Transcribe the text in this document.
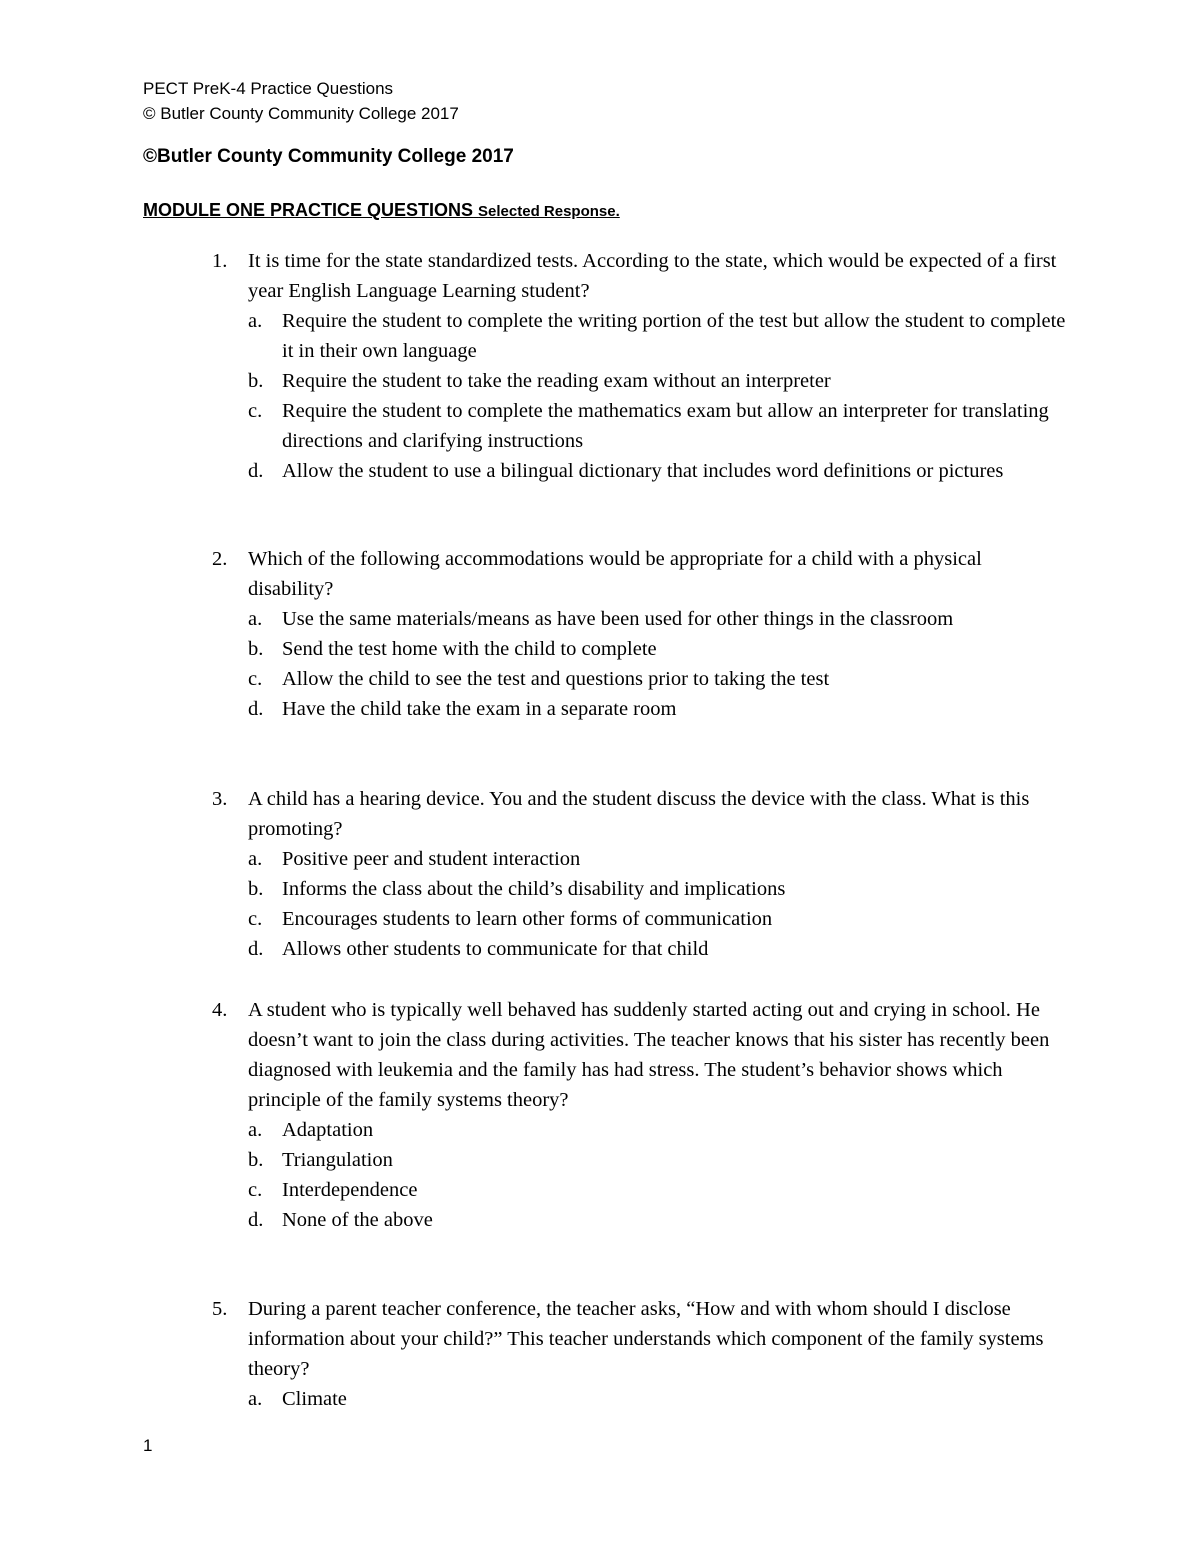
PECT PreK-4 Practice Questions
© Butler County Community College 2017
©Butler County Community College 2017
MODULE ONE PRACTICE QUESTIONS Selected Response.
1.	It is time for the state standardized tests. According to the state, which would be expected of a first year English Language Learning student?
a. Require the student to complete the writing portion of the test but allow the student to complete it in their own language
b. Require the student to take the reading exam without an interpreter
c. Require the student to complete the mathematics exam but allow an interpreter for translating directions and clarifying instructions
d. Allow the student to use a bilingual dictionary that includes word definitions or pictures
2.	Which of the following accommodations would be appropriate for a child with a physical disability?
a. Use the same materials/means as have been used for other things in the classroom
b. Send the test home with the child to complete
c. Allow the child to see the test and questions prior to taking the test
d. Have the child take the exam in a separate room
3.	A child has a hearing device. You and the student discuss the device with the class. What is this promoting?
a. Positive peer and student interaction
b. Informs the class about the child’s disability and implications
c. Encourages students to learn other forms of communication
d. Allows other students to communicate for that child
4.	A student who is typically well behaved has suddenly started acting out and crying in school. He doesn’t want to join the class during activities. The teacher knows that his sister has recently been diagnosed with leukemia and the family has had stress. The student’s behavior shows which principle of the family systems theory?
a. Adaptation
b. Triangulation
c. Interdependence
d. None of the above
5.	During a parent teacher conference, the teacher asks, “How and with whom should I disclose information about your child?” This teacher understands which component of the family systems theory?
a. Climate
1
